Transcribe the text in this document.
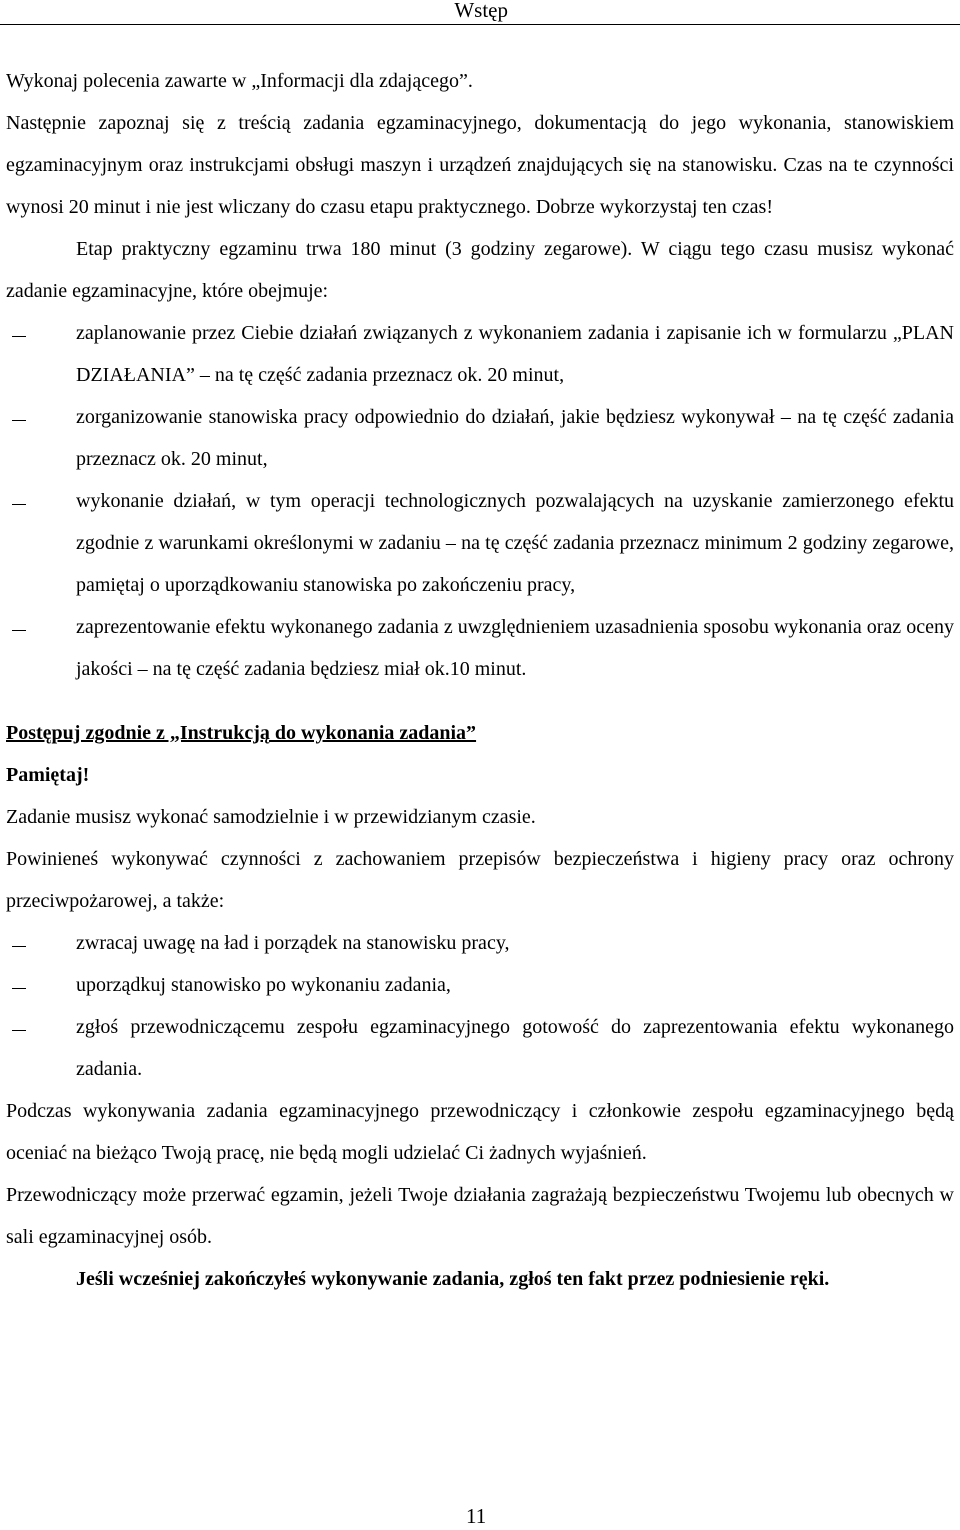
Wstęp

Wykonaj polecenia zawarte w „Informacji dla zdającego”.

Następnie zapoznaj się z treścią zadania egzaminacyjnego, dokumentacją do jego wykonania, stanowiskiem egzaminacyjnym oraz instrukcjami obsługi maszyn i urządzeń znajdujących się na stanowisku. Czas na te czynności wynosi 20 minut i nie jest wliczany do czasu etapu praktycznego. Dobrze wykorzystaj ten czas!

Etap praktyczny egzaminu trwa 180 minut (3 godziny zegarowe). W ciągu tego czasu musisz wykonać zadanie egzaminacyjne, które obejmuje:

zaplanowanie przez Ciebie działań związanych z wykonaniem zadania i zapisanie ich w formularzu „PLAN DZIAŁANIA” – na tę część zadania przeznacz ok. 20 minut,
zorganizowanie stanowiska pracy odpowiednio do działań, jakie będziesz wykonywał – na tę część zadania przeznacz ok. 20 minut,
wykonanie działań, w tym operacji technologicznych pozwalających na uzyskanie zamierzonego efektu zgodnie z warunkami określonymi w zadaniu – na tę część zadania przeznacz minimum 2 godziny zegarowe, pamiętaj o uporządkowaniu stanowiska po zakończeniu pracy,
zaprezentowanie efektu wykonanego zadania z uwzględnieniem uzasadnienia sposobu wykonania oraz oceny jakości – na tę część zadania będziesz miał ok.10 minut.

Postępuj zgodnie z „Instrukcją do wykonania zadania”

Pamiętaj!

Zadanie musisz wykonać samodzielnie i w przewidzianym czasie.

Powinieneś wykonywać czynności z zachowaniem przepisów bezpieczeństwa i higieny pracy oraz ochrony przeciwpożarowej, a także:

zwracaj uwagę na ład i porządek na stanowisku pracy,
uporządkuj stanowisko po wykonaniu zadania,
zgłoś przewodniczącemu zespołu egzaminacyjnego gotowość do zaprezentowania efektu wykonanego zadania.

Podczas wykonywania zadania egzaminacyjnego przewodniczący i członkowie zespołu egzaminacyjnego będą oceniać na bieżąco Twoją pracę, nie będą mogli udzielać Ci żadnych wyjaśnień.

Przewodniczący może przerwać egzamin, jeżeli Twoje działania zagrażają bezpieczeństwu Twojemu lub obecnych w sali egzaminacyjnej osób.

Jeśli wcześniej zakończyłeś wykonywanie zadania, zgłoś ten fakt przez podniesienie ręki.

11
